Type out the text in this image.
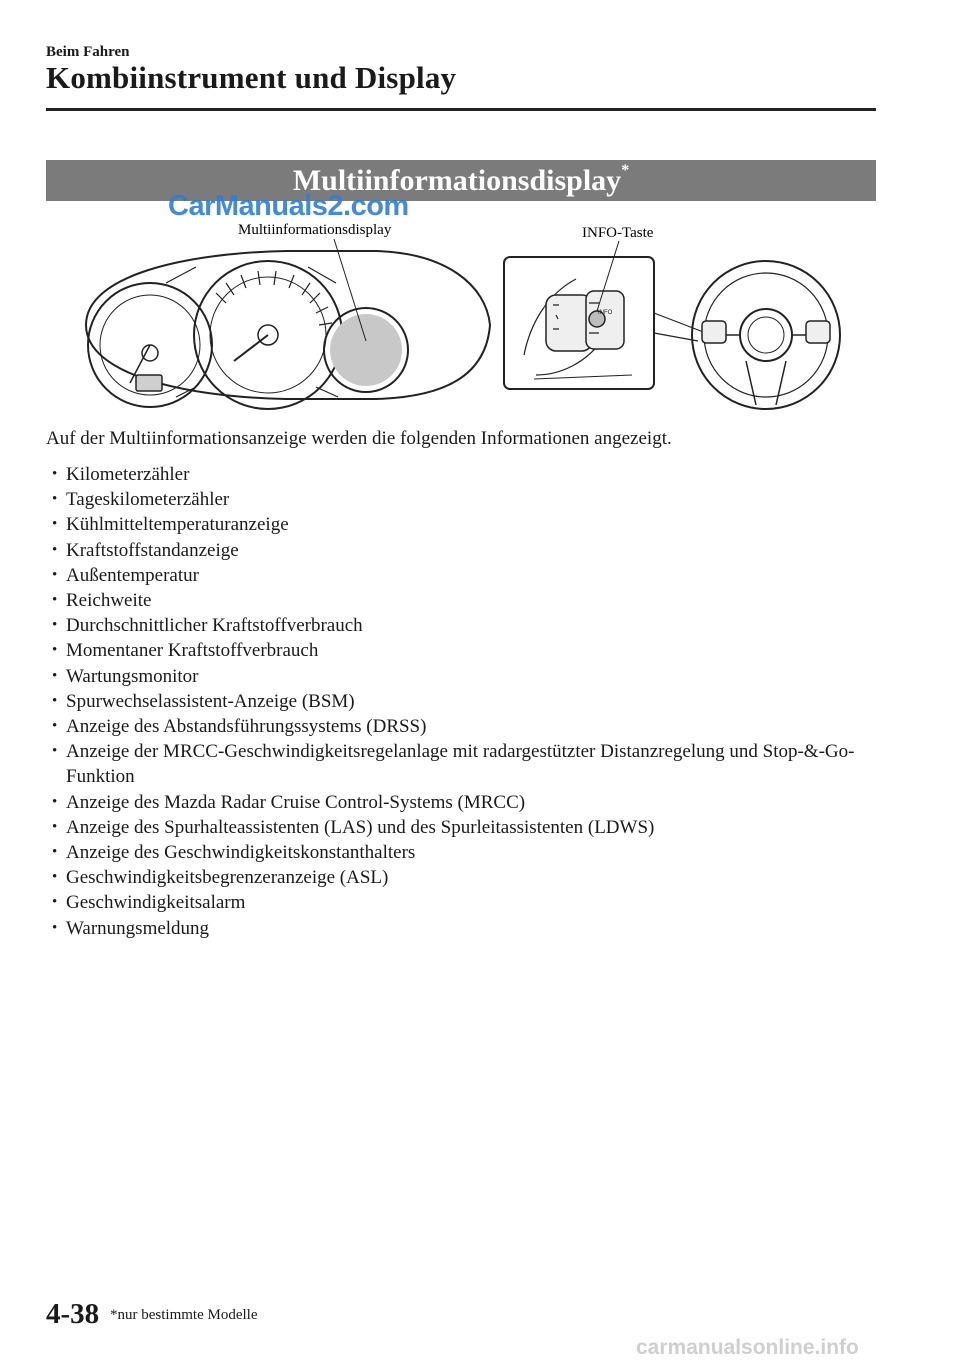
Beim Fahren
Kombiinstrument und Display
Multiinformationsdisplay*
CarManuals2.com
Multiinformationsdisplay
INFO
INFO-Taste
Auf der Multiinformationsanzeige werden die folgenden Informationen angezeigt.
• Kilometerzähler
• Tageskilometerzähler
• Kühlmitteltemperaturanzeige
• Kraftstoffstandanzeige
• Außentemperatur
• Reichweite
• Durchschnittlicher Kraftstoffverbrauch
• Momentaner Kraftstoffverbrauch
• Wartungsmonitor
• Spurwechselassistent-Anzeige (BSM)
• Anzeige des Abstandsführungssystems (DRSS)
• Anzeige der MRCC-Geschwindigkeitsregelanlage mit radargestützter Distanzregelung und Stop-&-Go-Funktion
• Anzeige des Mazda Radar Cruise Control-Systems (MRCC)
• Anzeige des Spurhalteassistenten (LAS) und des Spurleitassistenten (LDWS)
• Anzeige des Geschwindigkeitskonstanthalters
• Geschwindigkeitsbegrenzeranzeige (ASL)
• Geschwindigkeitsalarm
• Warnungsmeldung
4-38 *nur bestimmte Modelle
carmanualsonline.info
